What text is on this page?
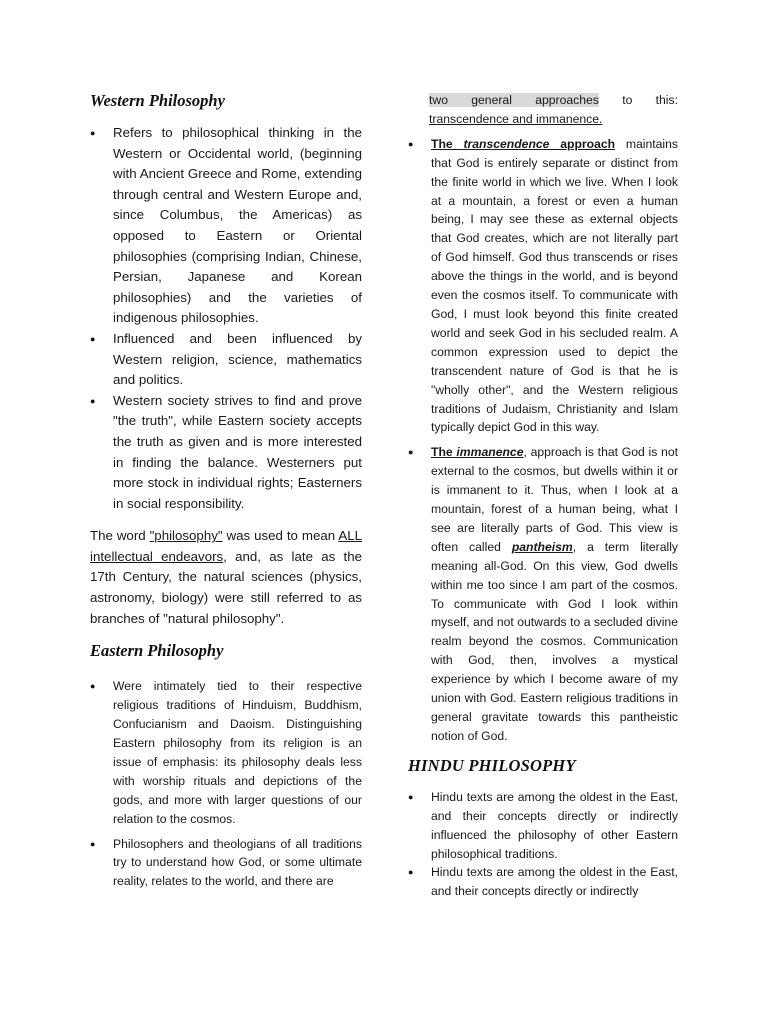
Western Philosophy
● Refers to philosophical thinking in the Western or Occidental world, (beginning with Ancient Greece and Rome, extending through central and Western Europe and, since Columbus, the Americas) as opposed to Eastern or Oriental philosophies (comprising Indian, Chinese, Persian, Japanese and Korean philosophies) and the varieties of indigenous philosophies.
● Influenced and been influenced by Western religion, science, mathematics and politics.
● Western society strives to find and prove "the truth", while Eastern society accepts the truth as given and is more interested in finding the balance. Westerners put more stock in individual rights; Easterners in social responsibility.

The word "philosophy" was used to mean ALL intellectual endeavors, and, as late as the 17th Century, the natural sciences (physics, astronomy, biology) were still referred to as branches of "natural philosophy".

Eastern Philosophy
● Were intimately tied to their respective religious traditions of Hinduism, Buddhism, Confucianism and Daoism. Distinguishing Eastern philosophy from its religion is an issue of emphasis: its philosophy deals less with worship rituals and depictions of the gods, and more with larger questions of our relation to the cosmos.
● Philosophers and theologians of all traditions try to understand how God, or some ultimate reality, relates to the world, and there are

two general approaches to this: transcendence and immanence.

● The transcendence approach maintains that God is entirely separate or distinct from the finite world in which we live. When I look at a mountain, a forest or even a human being, I may see these as external objects that God creates, which are not literally part of God himself. God thus transcends or rises above the things in the world, and is beyond even the cosmos itself. To communicate with God, I must look beyond this finite created world and seek God in his secluded realm. A common expression used to depict the transcendent nature of God is that he is "wholly other", and the Western religious traditions of Judaism, Christianity and Islam typically depict God in this way.
● The immanence, approach is that God is not external to the cosmos, but dwells within it or is immanent to it. Thus, when I look at a mountain, forest of a human being, what I see are literally parts of God. This view is often called pantheism, a term literally meaning all-God. On this view, God dwells within me too since I am part of the cosmos. To communicate with God I look within myself, and not outwards to a secluded divine realm beyond the cosmos. Communication with God, then, involves a mystical experience by which I become aware of my union with God. Eastern religious traditions in general gravitate towards this pantheistic notion of God.
HINDU PHILOSOPHY
● Hindu texts are among the oldest in the East, and their concepts directly or indirectly influenced the philosophy of other Eastern philosophical traditions.
● Hindu texts are among the oldest in the East, and their concepts directly or indirectly
